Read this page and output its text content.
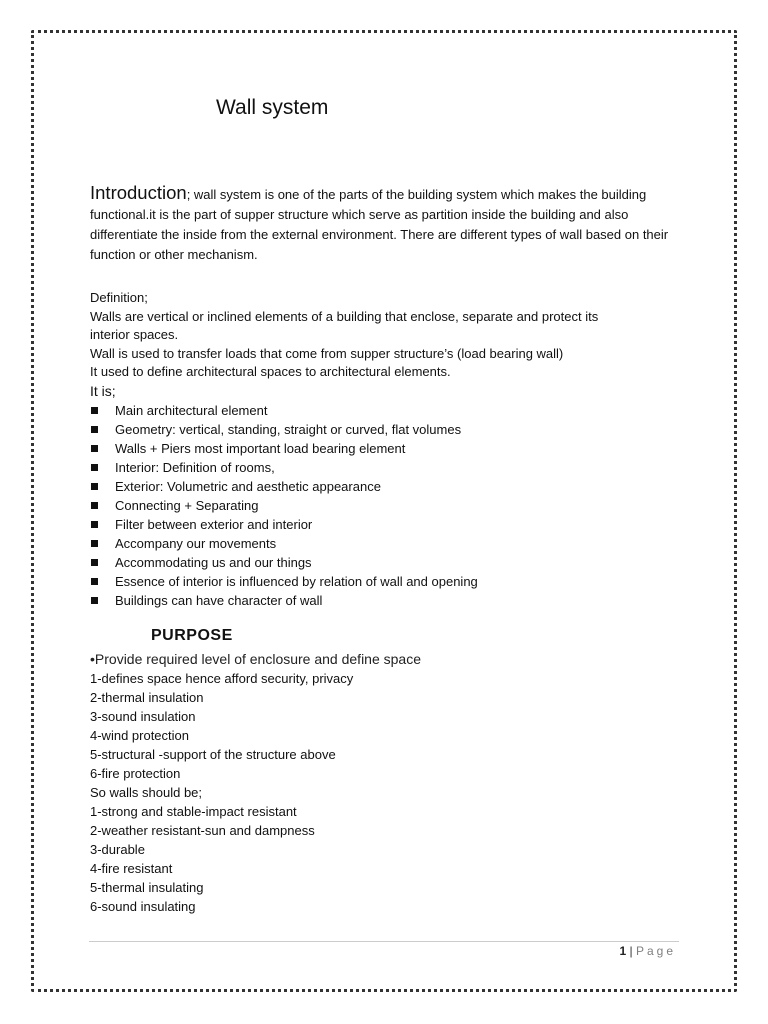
Wall system
Introduction; wall system is one of the parts of the building system which makes the building functional.it is the part of supper structure which serve as partition inside the building and also differentiate the inside from the external environment. There are different types of wall based on their function or other mechanism.
Definition;
Walls are vertical or inclined elements of a building that enclose, separate and protect its
interior spaces.
Wall is used to transfer loads that come from supper structure’s (load bearing wall)
It used to define architectural spaces to architectural elements.
It is;
Main architectural element
Geometry: vertical, standing, straight or curved, flat volumes
Walls + Piers most important load bearing element
Interior: Definition of rooms,
Exterior: Volumetric and aesthetic appearance
Connecting + Separating
Filter between exterior and interior
Accompany our movements
Accommodating us and our things
Essence of interior is influenced by relation of wall and opening
Buildings can have character of wall
PURPOSE
•Provide required level of enclosure and define space
1-defines space hence afford security, privacy
2-thermal insulation
3-sound insulation
4-wind protection
5-structural -support of the structure above
6-fire protection
So walls should be;
1-strong and stable-impact resistant
2-weather resistant-sun and dampness
3-durable
4-fire resistant
5-thermal insulating
6-sound insulating
1 | Page
